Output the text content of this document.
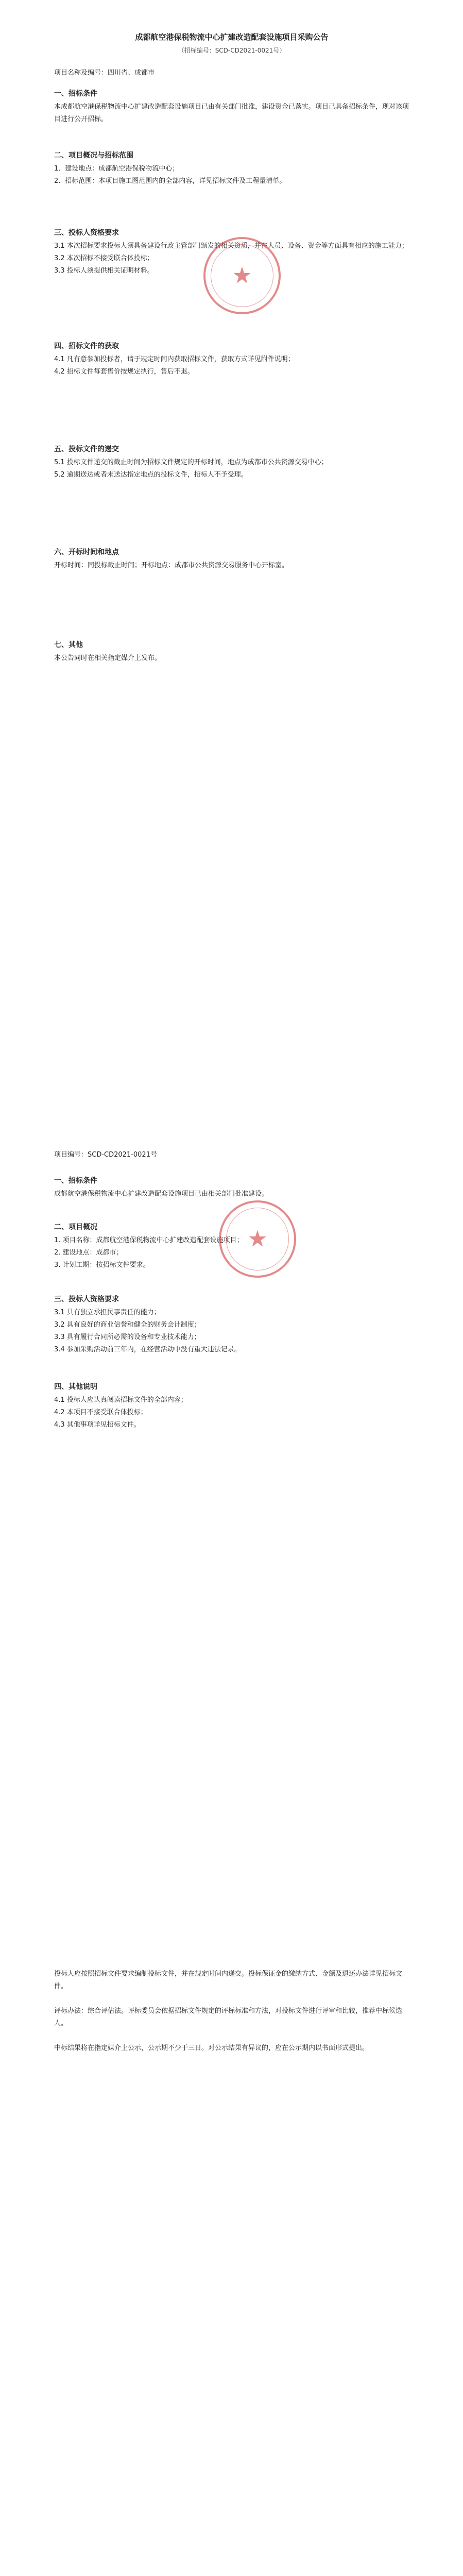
成都航空港保税物流中心扩建改造配套设施项目采购公告
（招标编号：SCD-CD2021-0021号）
项目名称及编号：四川省、成都市
一、招标条件
本成都航空港保税物流中心扩建改造配套设施项目已由有关部门批准，建设资金已落实。项目已具备招标条件，现对该项目进行公开招标。
二、项目概况与招标范围
1．建设地点：成都航空港保税物流中心；
2．招标范围：本项目施工图范围内的全部内容，详见招标文件及工程量清单。
三、投标人资格要求
3.1 本次招标要求投标人须具备建设行政主管部门颁发的相关资质，并在人员、设备、资金等方面具有相应的施工能力；
3.2 本次招标不接受联合体投标；
3.3 投标人须提供相关证明材料。
★
四、招标文件的获取
4.1 凡有意参加投标者，请于规定时间内获取招标文件，获取方式详见附件说明；
4.2 招标文件每套售价按规定执行，售后不退。
五、投标文件的递交
5.1 投标文件递交的截止时间为招标文件规定的开标时间，地点为成都市公共资源交易中心；
5.2 逾期送达或者未送达指定地点的投标文件，招标人不予受理。
六、开标时间和地点
开标时间：同投标截止时间；开标地点：成都市公共资源交易服务中心开标室。
七、其他
本公告同时在相关指定媒介上发布。
项目编号：SCD-CD2021-0021号
一、招标条件
成都航空港保税物流中心扩建改造配套设施项目已由相关部门批准建设。
二、项目概况
1. 项目名称：成都航空港保税物流中心扩建改造配套设施项目；
2. 建设地点：成都市；
3. 计划工期：按招标文件要求。
★
三、投标人资格要求
3.1 具有独立承担民事责任的能力；
3.2 具有良好的商业信誉和健全的财务会计制度；
3.3 具有履行合同所必需的设备和专业技术能力；
3.4 参加采购活动前三年内，在经营活动中没有重大违法记录。
四、其他说明
4.1 投标人应认真阅读招标文件的全部内容；
4.2 本项目不接受联合体投标；
4.3 其他事项详见招标文件。
投标人应按照招标文件要求编制投标文件，并在规定时间内递交。投标保证金的缴纳方式、金额及退还办法详见招标文件。

评标办法：综合评估法。评标委员会依据招标文件规定的评标标准和方法，对投标文件进行评审和比较，推荐中标候选人。

中标结果将在指定媒介上公示，公示期不少于三日。对公示结果有异议的，应在公示期内以书面形式提出。
